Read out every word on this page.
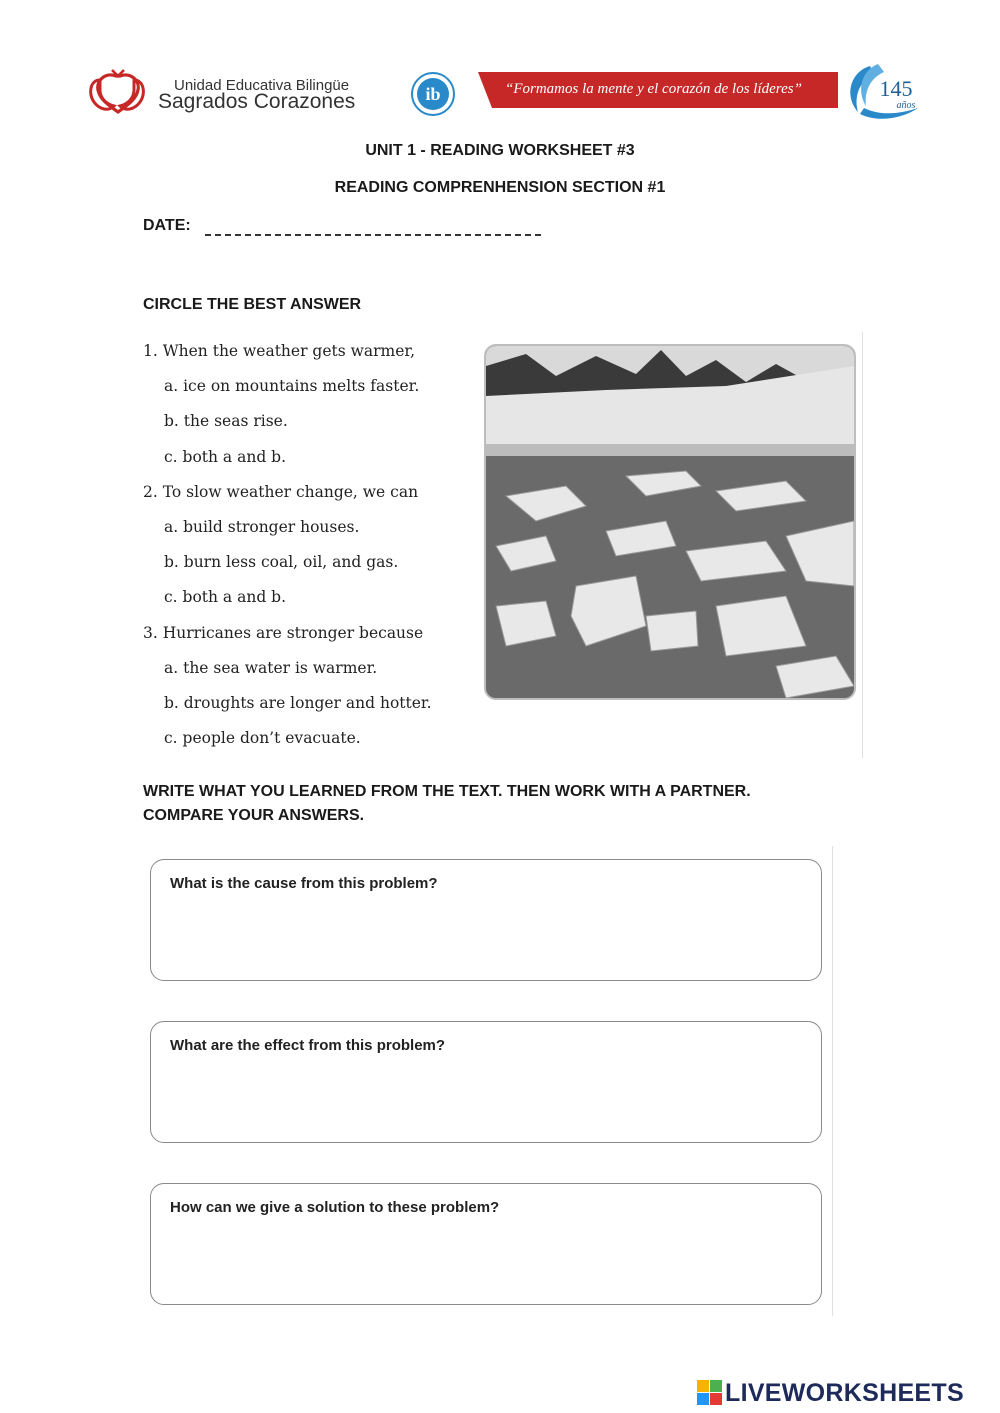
Unidad Educativa Bilingüe
Sagrados Corazones	ib	“Formamos la mente y el corazón de los líderes”	145
años
UNIT 1 - READING WORKSHEET #3
READING COMPRENHENSION SECTION #1
DATE:
CIRCLE THE BEST ANSWER
1. When the weather gets warmer,
a. ice on mountains melts faster.
b. the seas rise.
c. both a and b.
2. To slow weather change, we can
a. build stronger houses.
b. burn less coal, oil, and gas.
c. both a and b.
3. Hurricanes are stronger because
a. the sea water is warmer.
b. droughts are longer and hotter.
c. people don’t evacuate.
WRITE WHAT YOU LEARNED FROM THE TEXT. THEN WORK WITH A PARTNER.
COMPARE YOUR ANSWERS.
What is the cause from this problem?
What are the effect from this problem?
How can we give a solution to these problem?
LIVEWORKSHEETS
